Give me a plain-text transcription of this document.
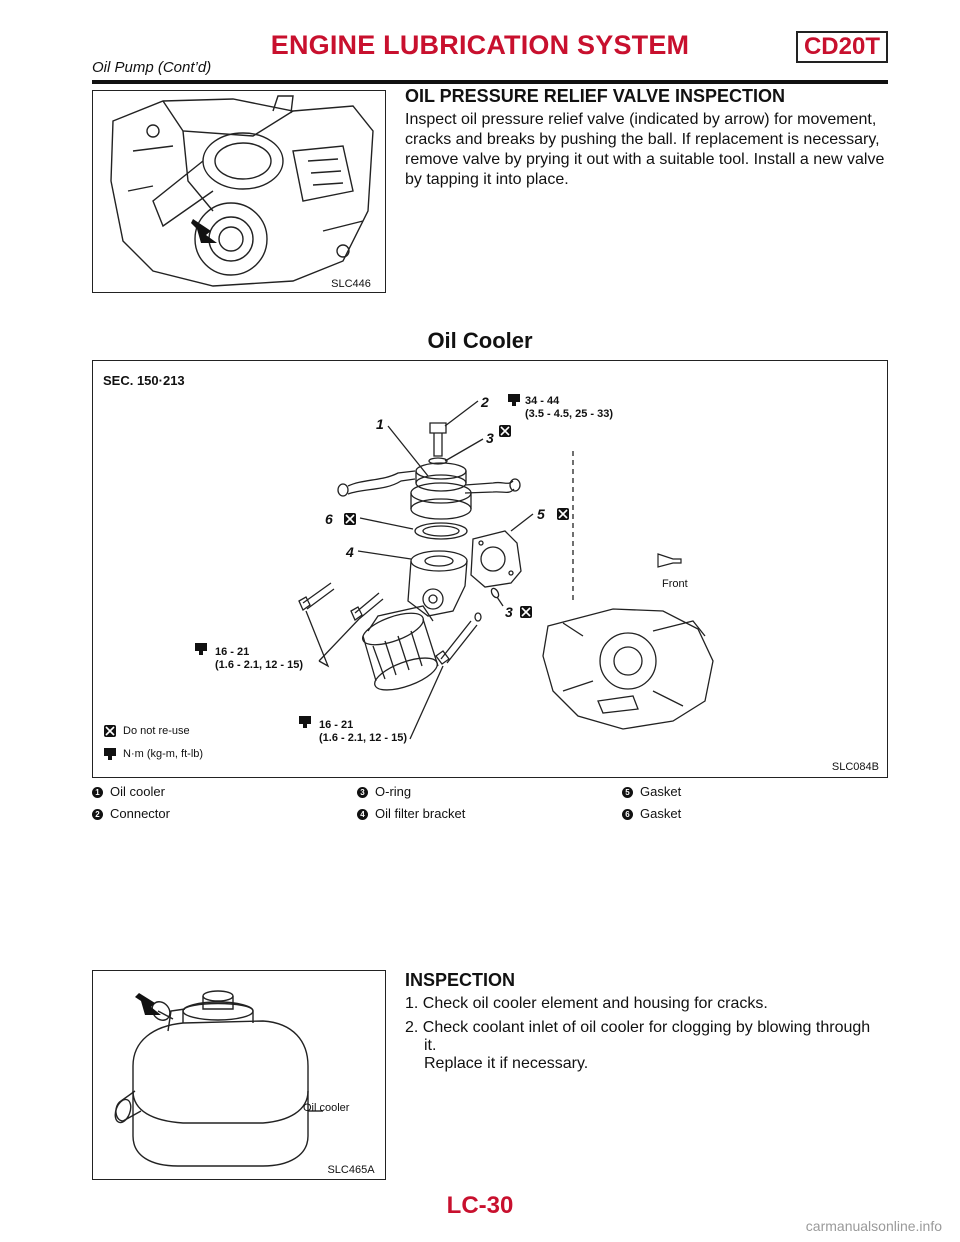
ENGINE LUBRICATION SYSTEM	CD20T
Oil Pump (Cont’d)
SLC446
OIL PRESSURE RELIEF VALVE INSPECTION
Inspect oil pressure relief valve (indicated by arrow) for movement, cracks and breaks by pushing the ball. If replacement is necessary, remove valve by prying it out with a suitable tool. Install a new valve by tapping it into place.
Oil Cooler
SEC. 150·213
1
2
3
3
4
5
6
34 - 44
(3.5 - 4.5, 25 - 33)
16 - 21
(1.6 - 2.1, 12 - 15)
16 - 21
(1.6 - 2.1, 12 - 15)
Front
Do not re-use
N·m (kg-m, ft-lb)
SLC084B
1 Oil cooler
2 Connector
3 O-ring
4 Oil filter bracket
5 Gasket
6 Gasket
SLC465A
Oil cooler
INSPECTION
1. Check oil cooler element and housing for cracks.
2. Check coolant inlet of oil cooler for clogging by blowing through
it.
Replace it if necessary.
LC-30
carmanualsonline.info
